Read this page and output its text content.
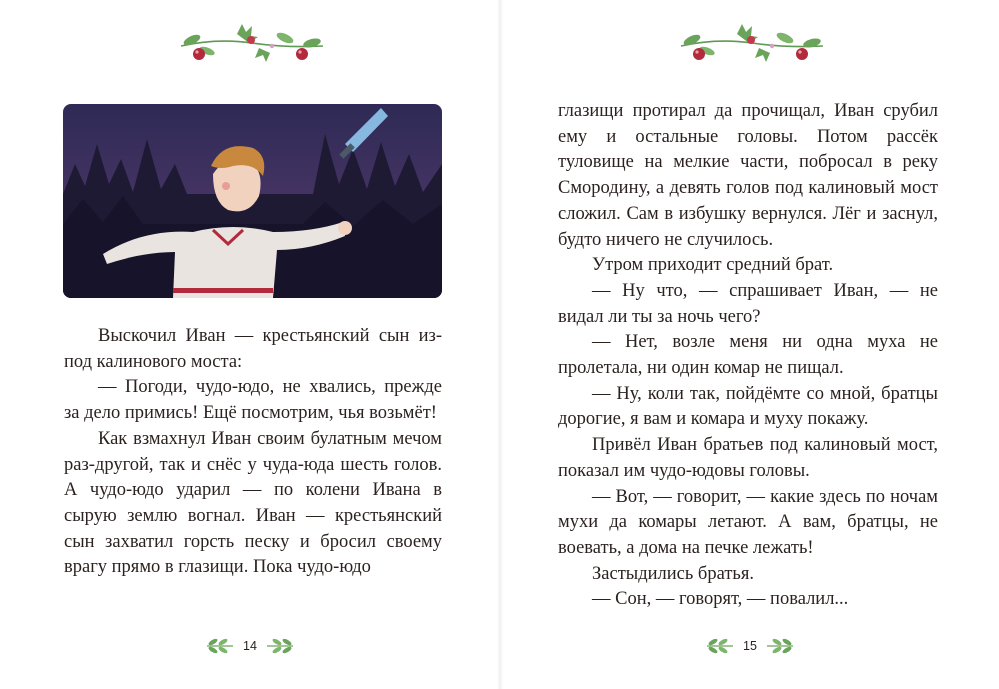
Выскочил Иван — крестьянский сын из-под калинового моста:

— Погоди, чудо-юдо, не хвались, прежде за дело примись! Ещё посмотрим, чья возьмёт!

Как взмахнул Иван своим булатным мечом раз-другой, так и снёс у чуда-юда шесть голов. А чудо-юдо ударил — по колени Ивана в сырую землю вогнал. Иван — крестьянский сын захватил горсть песку и бросил своему врагу прямо в глазищи. Пока чудо-юдо

14

глазищи протирал да прочищал, Иван срубил ему и остальные головы. Потом рассёк туловище на мелкие части, побросал в реку Смородину, а девять голов под калиновый мост сложил. Сам в избушку вернулся. Лёг и заснул, будто ничего не случилось.

Утром приходит средний брат.

— Ну что, — спрашивает Иван, — не видал ли ты за ночь чего?

— Нет, возле меня ни одна муха не пролетала, ни один комар не пищал.

— Ну, коли так, пойдёмте со мной, братцы дорогие, я вам и комара и муху покажу.

Привёл Иван братьев под калиновый мост, показал им чудо-юдовы головы.

— Вот, — говорит, — какие здесь по ночам мухи да комары летают. А вам, братцы, не воевать, а дома на печке лежать!

Застыдились братья.

— Сон, — говорят, — повалил...

15
